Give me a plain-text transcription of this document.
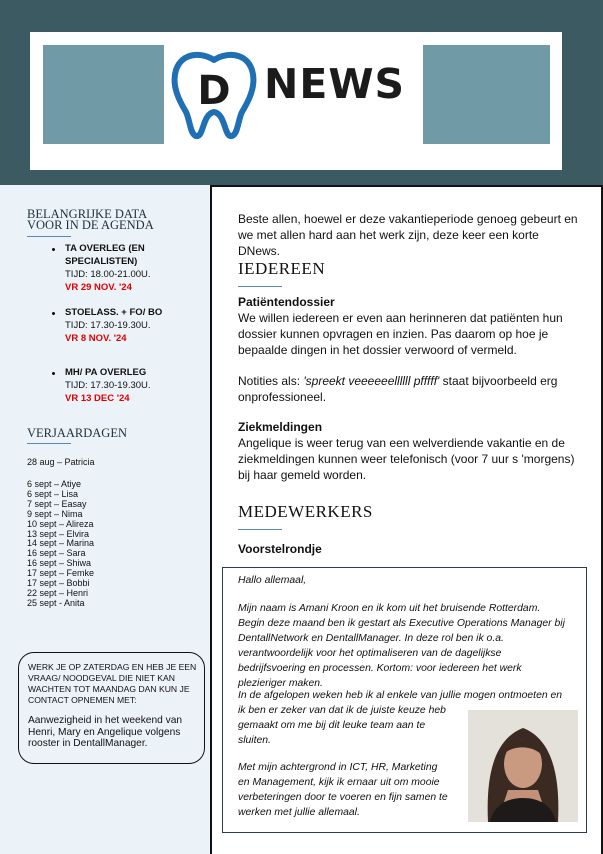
D NEWS
BELANGRIJKE DATA
VOOR IN DE AGENDA
TA OVERLEG (EN
SPECIALISTEN)
TIJD: 18.00-21.00U.
VR 29 NOV. '24
STOELASS. + FO/ BO
TIJD: 17.30-19.30U.
VR 8 NOV. '24
MH/ PA OVERLEG
TIJD: 17.30-19.30U.
VR 13 DEC '24
VERJAARDAGEN
28 aug – Patricia
6 sept – Atiye
6 sept – Lisa
7 sept – Easay
9 sept – Nima
10 sept – Alireza
13 sept – Elvira
14 sept – Marina
16 sept – Sara
16 sept – Shiwa
17 sept – Femke
17 sept – Bobbi
22 sept – Henri
25 sept - Anita
WERK JE OP ZATERDAG EN HEB JE EEN VRAAG/ NOODGEVAL DIE NIET KAN WACHTEN TOT MAANDAG DAN KUN JE CONTACT OPNEMEN MET:
Aanwezigheid in het weekend van Henri, Mary en Angelique volgens rooster in DentallManager.
Beste allen, hoewel er deze vakantieperiode genoeg gebeurt en we met allen hard aan het werk zijn, deze keer een korte DNews.
IEDEREEN
Patiëntendossier
We willen iedereen er even aan herinneren dat patiënten hun dossier kunnen opvragen en inzien. Pas daarom op hoe je bepaalde dingen in het dossier verwoord of vermeld.
Notities als: 'spreekt veeeeeellllll pfffff' staat bijvoorbeeld erg onprofessioneel.
Ziekmeldingen
Angelique is weer terug van een welverdiende vakantie en de ziekmeldingen kunnen weer telefonisch (voor 7 uur s 'morgens) bij haar gemeld worden.
MEDEWERKERS
Voorstelrondje
Hallo allemaal,
Mijn naam is Amani Kroon en ik kom uit het bruisende Rotterdam.
Begin deze maand ben ik gestart als Executive Operations Manager bij
DentallNetwork en DentallManager. In deze rol ben ik o.a.
verantwoordelijk voor het optimaliseren van de dagelijkse
bedrijfsvoering en processen. Kortom: voor iedereen het werk
plezieriger maken.
In de afgelopen weken heb ik al enkele van jullie mogen ontmoeten en
ik ben er zeker van dat ik de juiste keuze heb
gemaakt om me bij dit leuke team aan te
sluiten.
Met mijn achtergrond in ICT, HR, Marketing
en Management, kijk ik ernaar uit om mooie
verbeteringen door te voeren en fijn samen te
werken met jullie allemaal.
